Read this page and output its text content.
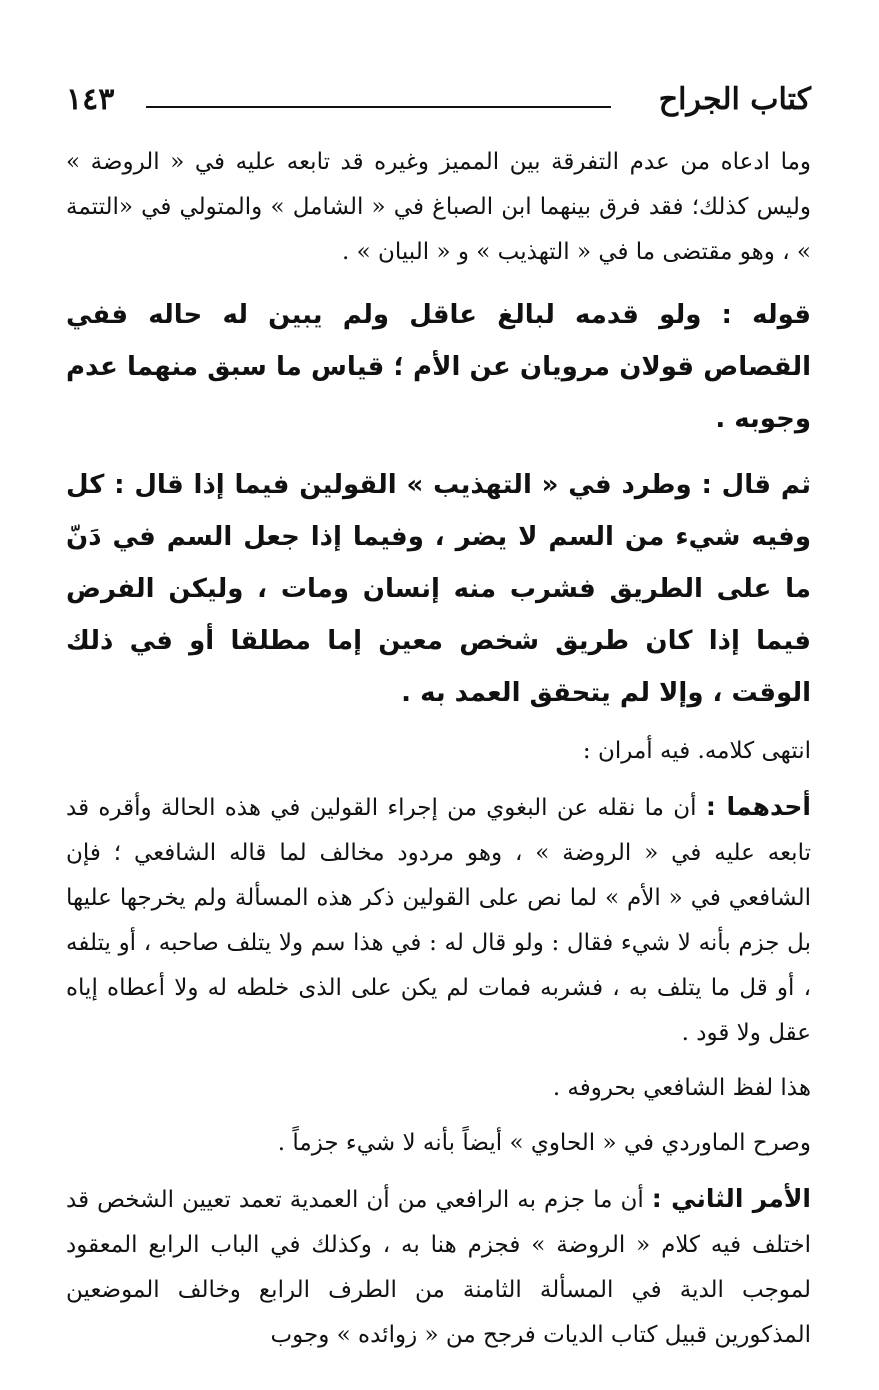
كتاب الجراح
١٤٣

وما ادعاه من عدم التفرقة بين المميز وغيره قد تابعه عليه في « الروضة » وليس كذلك؛ فقد فرق بينهما ابن الصباغ في « الشامل » والمتولي في «التتمة » ، وهو مقتضى ما في « التهذيب » و « البيان » .

قوله : ولو قدمه لبالغ عاقل ولم يبين له حاله ففي القصاص قولان مرويان عن الأم ؛ قياس ما سبق منهما عدم وجوبه .

ثم قال : وطرد في « التهذيب » القولين فيما إذا قال : كل وفيه شيء من السم لا يضر ، وفيما إذا جعل السم في دَنّ ما على الطريق فشرب منه إنسان ومات ، وليكن الفرض فيما إذا كان طريق شخص معين إما مطلقا أو في ذلك الوقت ، وإلا لم يتحقق العمد به .

انتهى كلامه. فيه أمران :

أحدهما : أن ما نقله عن البغوي من إجراء القولين في هذه الحالة وأقره قد تابعه عليه في « الروضة » ، وهو مردود مخالف لما قاله الشافعي ؛ فإن الشافعي في « الأم » لما نص على القولين ذكر هذه المسألة ولم يخرجها عليها بل جزم بأنه لا شيء فقال : ولو قال له : في هذا سم ولا يتلف صاحبه ، أو يتلفه ، أو قل ما يتلف به ، فشربه فمات لم يكن على الذى خلطه له ولا أعطاه إياه عقل ولا قود .

هذا لفظ الشافعي بحروفه .

وصرح الماوردي في « الحاوي » أيضاً بأنه لا شيء جزماً .

الأمر الثاني : أن ما جزم به الرافعي من أن العمدية تعمد تعيين الشخص قد اختلف فيه كلام « الروضة » فجزم هنا به ، وكذلك في الباب الرابع المعقود لموجب الدية في المسألة الثامنة من الطرف الرابع وخالف الموضعين المذكورين قبيل كتاب الديات فرجح من « زوائده » وجوب
